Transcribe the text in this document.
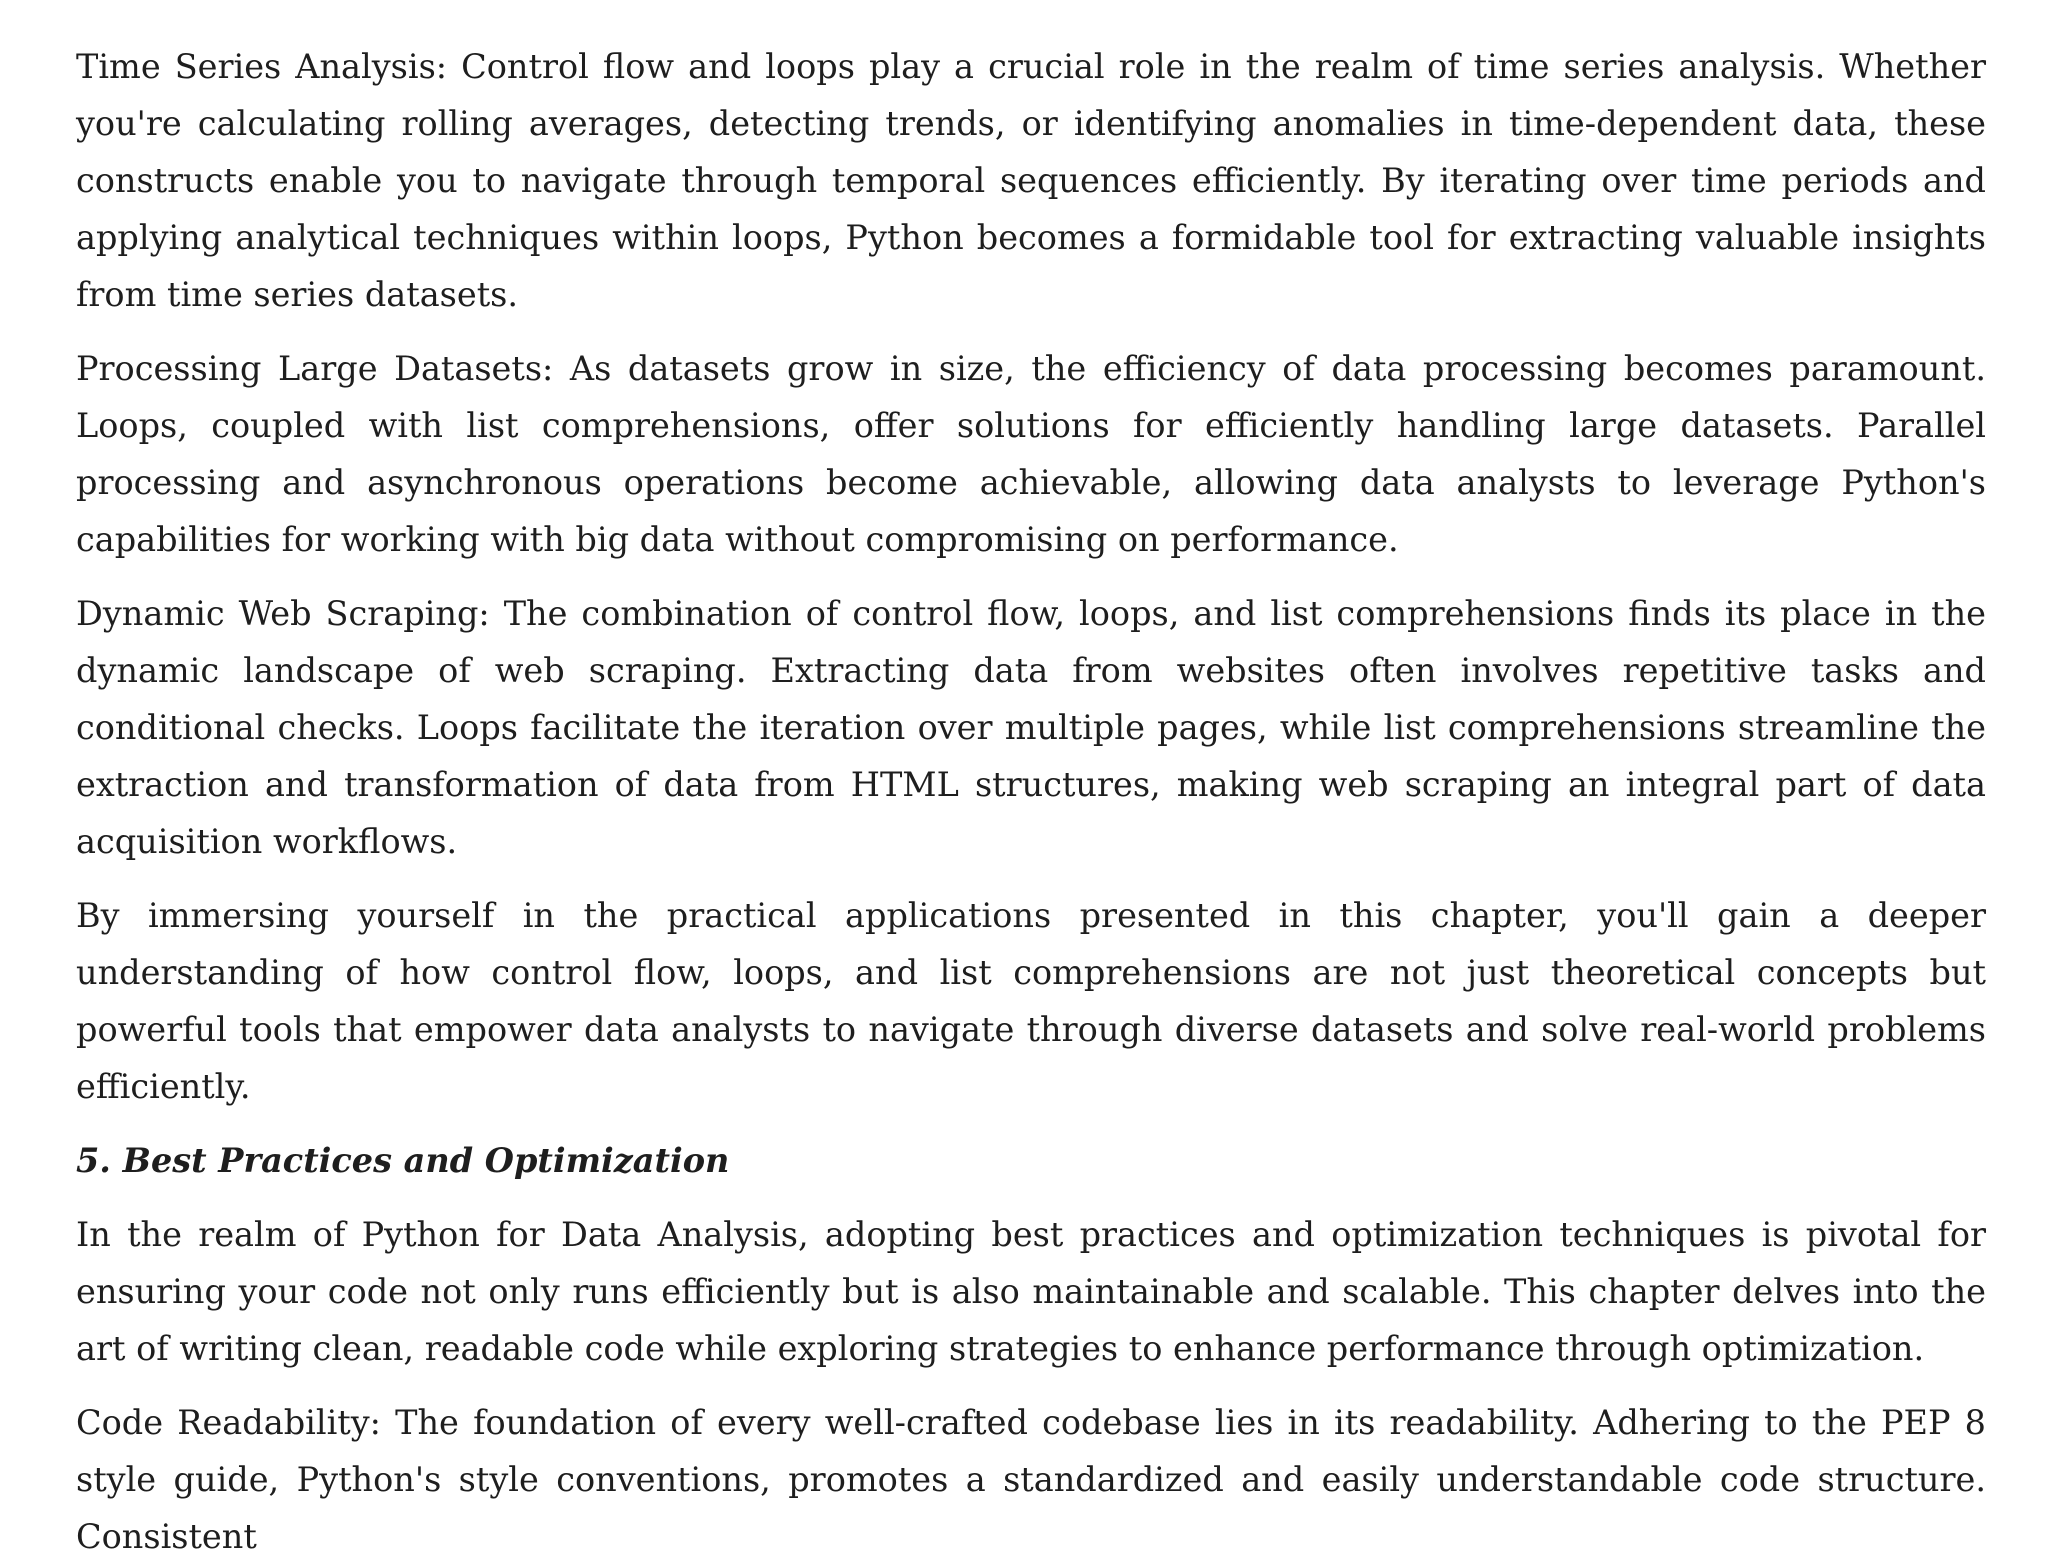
Time Series Analysis: Control flow and loops play a crucial role in the realm of time series analysis. Whether you're calculating rolling averages, detecting trends, or identifying anomalies in time-dependent data, these constructs enable you to navigate through temporal sequences efficiently. By iterating over time periods and applying analytical techniques within loops, Python becomes a formidable tool for extracting valuable insights from time series datasets.

Processing Large Datasets: As datasets grow in size, the efficiency of data processing becomes paramount. Loops, coupled with list comprehensions, offer solutions for efficiently handling large datasets. Parallel processing and asynchronous operations become achievable, allowing data analysts to leverage Python's capabilities for working with big data without compromising on performance.

Dynamic Web Scraping: The combination of control flow, loops, and list comprehensions finds its place in the dynamic landscape of web scraping. Extracting data from websites often involves repetitive tasks and conditional checks. Loops facilitate the iteration over multiple pages, while list comprehensions streamline the extraction and transformation of data from HTML structures, making web scraping an integral part of data acquisition workflows.

By immersing yourself in the practical applications presented in this chapter, you'll gain a deeper understanding of how control flow, loops, and list comprehensions are not just theoretical concepts but powerful tools that empower data analysts to navigate through diverse datasets and solve real-world problems efficiently.

5. Best Practices and Optimization

In the realm of Python for Data Analysis, adopting best practices and optimization techniques is pivotal for ensuring your code not only runs efficiently but is also maintainable and scalable. This chapter delves into the art of writing clean, readable code while exploring strategies to enhance performance through optimization.

Code Readability: The foundation of every well-crafted codebase lies in its readability. Adhering to the PEP 8 style guide, Python's style conventions, promotes a standardized and easily understandable code structure. Consistent
